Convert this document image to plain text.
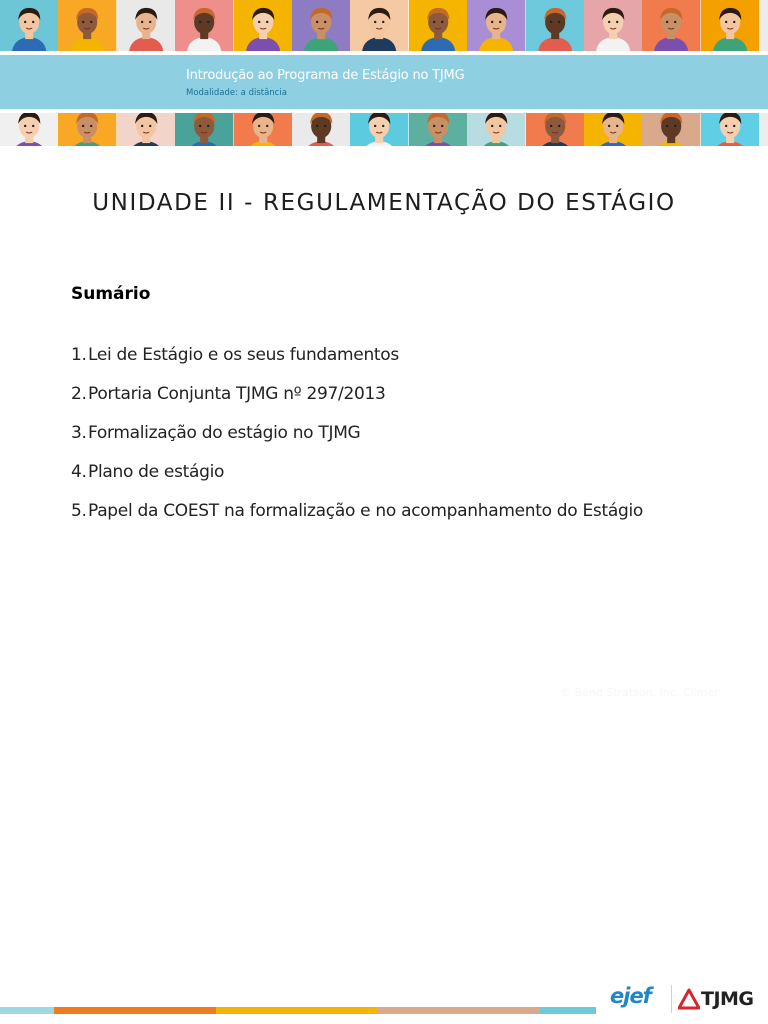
Introdução ao Programa de Estágio no TJMG
Modalidade: a distância
UNIDADE II - REGULAMENTAÇÃO DO ESTÁGIO
Sumário
1.Lei de Estágio e os seus fundamentos
2.Portaria Conjunta TJMG nº 297/2013
3.Formalização do estágio no TJMG
4.Plano de estágio
5.Papel da COEST na formalização e no acompanhamento do Estágio
© Bênd Stratson, Inc. Clímer
ejef	TJMG
